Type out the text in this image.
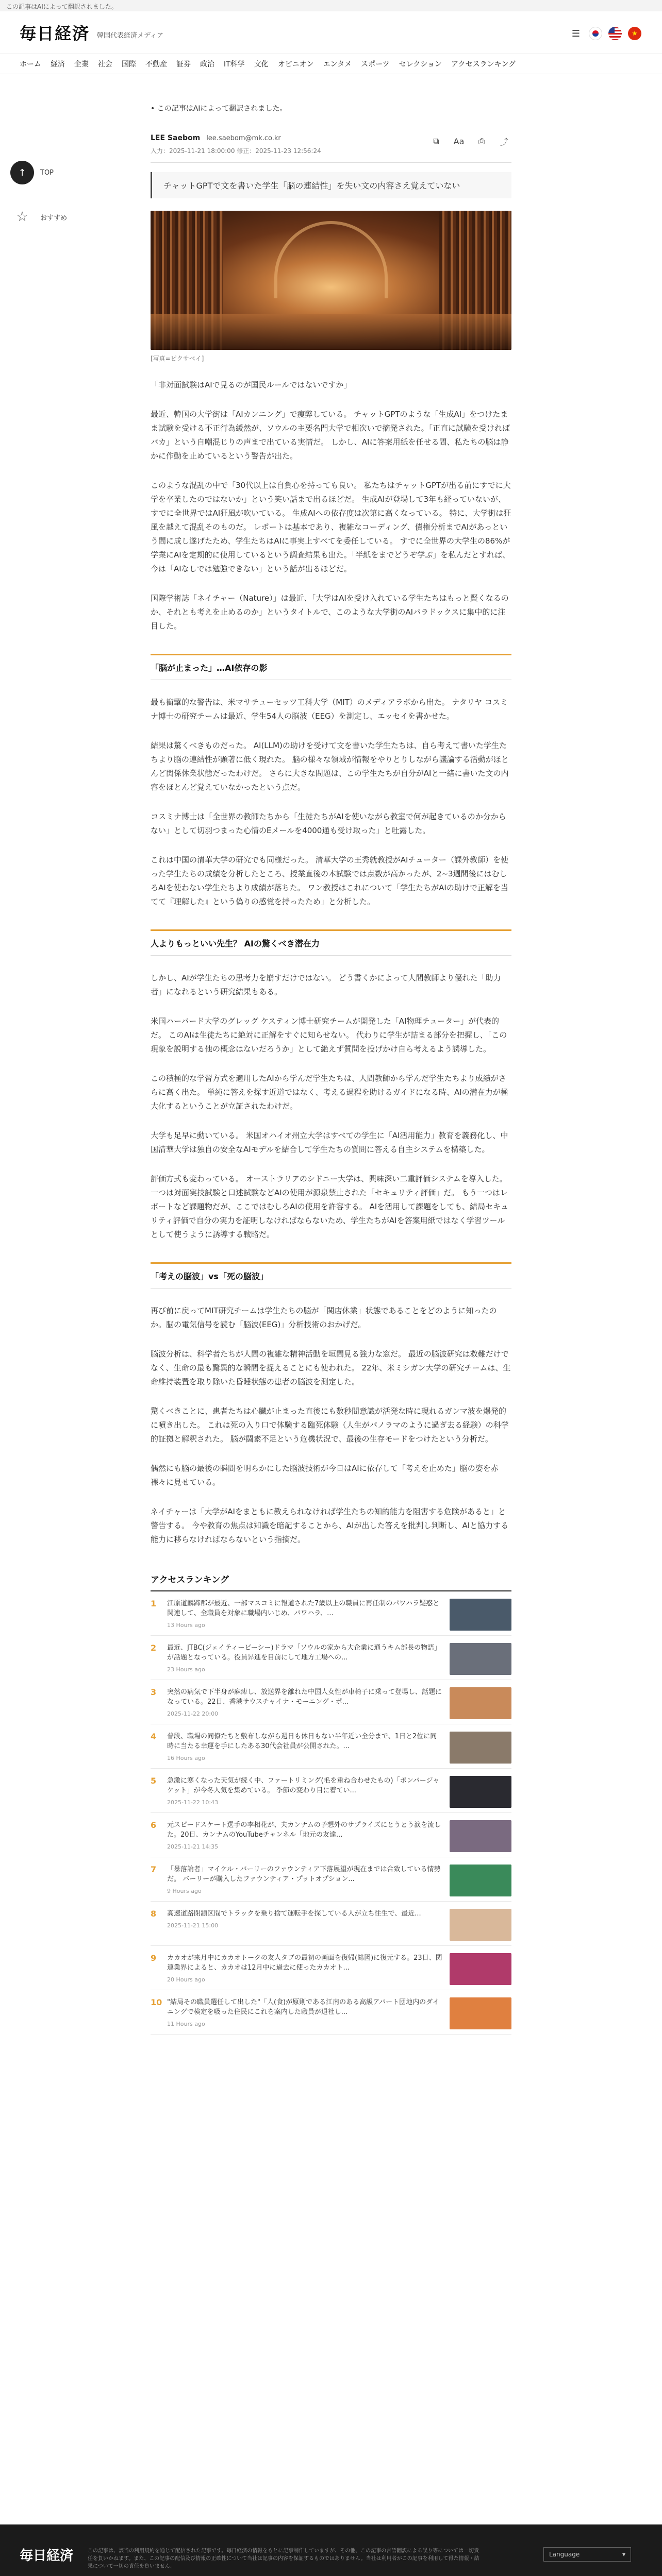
この記事はAIによって翻訳されました。
毎日経済 韓国代表経済メディア	☰	★
ホーム 経済 企業 社会 国際 不動産 証券 政治 IT科学 文化 オピニオン エンタメ スポーツ セレクション アクセスランキング
↑	TOP
☆	おすすめ
• この記事はAIによって翻訳されました。
LEE Saebom lee.saebom@mk.co.kr
入力：2025-11-21 18:00:00 修正：2025-11-23 12:56:24
⧉	Aa	⎙	⤴
チャットGPTで文を書いた学生「脳の連結性」を失い文の内容さえ覚えていない
[写真=ピクサベイ]

「非対面試験はAIで見るのが国民ルールではないですか」

最近、韓国の大学街は「AIカンニング」で痩弊している。 チャットGPTのような「生成AI」をつけたまま試験を受ける不正行為緩然が、ソウルの主要名門大学で相次いで摘発された。「正直に試験を受ければバカ」という自嘲混じりの声まで出ている実情だ。 しかし、AIに答案用紙を任せる間、私たちの脳は静かに作動を止めているという警告が出た。

このような混乱の中で「30代以上は自負心を持っても良い。 私たちはチャットGPTが出る前にすでに大学を卒業したのではないか」という笑い話まで出るほどだ。 生成AIが登場して3年も経っていないが、すでに全世界ではAI狂風が吹いている。 生成AIへの依存度は次第に高くなっている。 特に、大学街は狂風を越えて混乱そのものだ。 レポートは基本であり、複雑なコーディング、債権分析までAIがあっという間に成し遂げたため、学生たちはAIに事実上すべてを委任している。 すでに全世界の大学生の86%が学業にAIを定期的に使用しているという調査結果も出た。「半紙をまでどうぞ学ぶ」を私んだとすれば、今は「AIなしでは勉強できない」という話が出るほどだ。

国際学術誌「ネイチャー（Nature）」は最近、「大学はAIを受け入れている学生たちはもっと賢くなるのか、それとも考えを止めるのか」というタイトルで、このような大学街のAIパラドックスに集中的に注目した。

「脳が止まった」…AI依存の影

最も衝撃的な警告は、米マサチューセッツ工科大学（MIT）のメディアラボから出た。 ナタリヤ コスミナ博士の研究チームは最近、学生54人の脳波（EEG）を測定し、エッセイを書かせた。

結果は驚くべきものだった。 AI(LLM)の助けを受けて文を書いた学生たちは、自ら考えて書いた学生たちより脳の連結性が顕著に低く現れた。 脳の様々な領域が情報をやりとりしながら議論する活動がほとんど関係休業状態だったわけだ。 さらに大きな問題は、この学生たちが自分がAIと一緒に書いた文の内容をほとんど覚えていなかったという点だ。

コスミナ博士は「全世界の教師たちから「生徒たちがAIを使いながら教室で何が起きているのか分からない」として切羽つまった心情のEメールを4000通も受け取った」と吐露した。

これは中国の清華大学の研究でも同様だった。 清華大学の王秀就教授がAIチューター（課外教師）を使った学生たちの成績を分析したところ、授業直後の本試験では点数が高かったが、2~3週間後にはむしろAIを使わない学生たちより成績が落ちた。 ワン教授はこれについて「学生たちがAIの助けで正解を当てて『理解した』という偽りの感覚を持ったため」と分析した。

人よりもっといい先生？ AIの驚くべき潜在力

しかし、AIが学生たちの思考力を崩すだけではない。 どう書くかによって人間教師より優れた「助力者」になれるという研究結果もある。

米国ハーバード大学のグレッグ ケスティン博士研究チームが開発した「AI物理チューター」が代表的だ。 このAIは生徒たちに絶対に正解をすぐに知らせない。 代わりに学生が詰まる部分を把握し、「この現象を説明する他の概念はないだろうか」として絶えず質問を投げかけ自ら考えるよう誘導した。

この積極的な学習方式を適用したAIから学んだ学生たちは、人間教師から学んだ学生たちより成績がさらに高く出た。 単純に答えを探す近道ではなく、考える過程を助けるガイドになる時、AIの潜在力が極大化するということが立証されたわけだ。

大学も足早に動いている。 米国オハイオ州立大学はすべての学生に「AI活用能力」教育を義務化し、中国清華大学は独自の安全なAIモデルを結合して学生たちの質問に答える自主システムを構築した。

評価方式も変わっている。 オーストラリアのシドニー大学は、興味深い二重評価システムを導入した。 一つは対面実技試験と口述試験などAIの使用が源泉禁止された「セキュリティ評価」だ。 もう一つはレポートなど課題物だが、ここではむしろAIの使用を許容する。 AIを活用して課題をしても、結局セキュリティ評価で自分の実力を証明しなければならないため、学生たちがAIを答案用紙ではなく学習ツールとして使うように誘導する戦略だ。

「考えの脳波」vs「死の脳波」

再び前に戻ってMIT研究チームは学生たちの脳が「関店休業」状態であることをどのように知ったのか。脳の電気信号を読む「脳波(EEG)」分析技術のおかげだ。

脳波分析は、科学者たちが人間の複雑な精神活動を垣間見る強力な窓だ。 最近の脳波研究は救難だけでなく、生命の最も驚異的な瞬間を捉えることにも使われた。 22年、米ミシガン大学の研究チームは、生命維持装置を取り除いた昏睡状態の患者の脳波を測定した。

驚くべきことに、患者たちは心臓が止まった直後にも数秒間意識が活発な時に現れるガンマ波を爆発的に噴き出した。 これは死の入り口で体験する臨死体験（人生がパノラマのように過ぎ去る経験）の科学的証拠と解釈された。 脳が闘素不足という危機状況で、最後の生存モードをつけたという分析だ。

偶然にも脳の最後の瞬間を明らかにした脳波技術が今日はAIに依存して「考えを止めた」脳の姿を赤裸々に見せている。

ネイチャーは「大学がAIをまともに教えられなければ学生たちの知的能力を阻害する危険があると」と警告する。 今や教育の焦点は知識を暗記することから、AIが出した答えを批判し判断し、AIと協力する能力に移らなければならないという指摘だ。

アクセスランキング
1	江原道麟蹄郡が最近、一部マスコミに報道された7歳以上の職員に再任制のパワハラ疑惑と関連して、全職員を対象に職場内いじめ、パワハラ、...
13 Hours ago
2	最近、JTBC(ジェイティービーシー)ドラマ「ソウルの家から大企業に通うキム部長の物語」が話題となっている。役員昇進を目前にして地方工場への...
23 Hours ago
3	突然の病気で下半身が麻痺し、放送界を離れた中国人女性が車椅子に乗って登場し、話題になっている。22日、香港サウスチャイナ・モーニング・ポ...
2025-11-22 20:00
4	普段、職場の同僚たちと敷布しながら週日も休日もない半年近い全分まで、1日と2位に同時に当たる幸運を手にしたある30代会社員が公開された。...
16 Hours ago
5	急激に寒くなった天気が続く中、ファートリミング(毛を重ね合わせたもの)「ボンバージャケット」が今冬人気を集めている。 季節の変わり目に着てい...
2025-11-22 10:43
6	元スピードスケート選手の李相花が、夫カンナムの予想外のサプライズにとうとう涙を流した。20日、カンナムのYouTubeチャンネル「地元の友達...
2025-11-21 14:35
7	「暴落論者」マイケル・バーリーのファウンティア下落展望が現在までは合致している情勢だ。 バーリーが購入したファウンティア・プットオプション...
9 Hours ago
8	高速道路閉鎖区間でトラックを乗り捨て運転手を探している人が立ち往生で、最近...
2025-11-21 15:00
9	カカオが来月中にカカオトークの友人タブの最初の画面を復帰(総図)に復元する。23日、関連業界によると、カカオは12月中に過去に使ったカカオト...
20 Hours ago
10 "結局その職員選任して出した"「人(食)が原則である江南のある高級アパート団地内のダイニングで検定を吸った住民にこれを案内した職員が退社し...
11 Hours ago
毎日経済	この記事は、該当の利用規約を通じて配信された記事です。毎日経済の情報をもとに記事制作していますが、その他、この記事の言語翻訳による誤り等については一切責任を負いかねます。また、この記事の配信及び情報の正確性について当社は記事の内容を保証するものではありません。当社は利用者がこの記事を利用して得た情報・結果について一切の責任を負いません。
Language	▾
